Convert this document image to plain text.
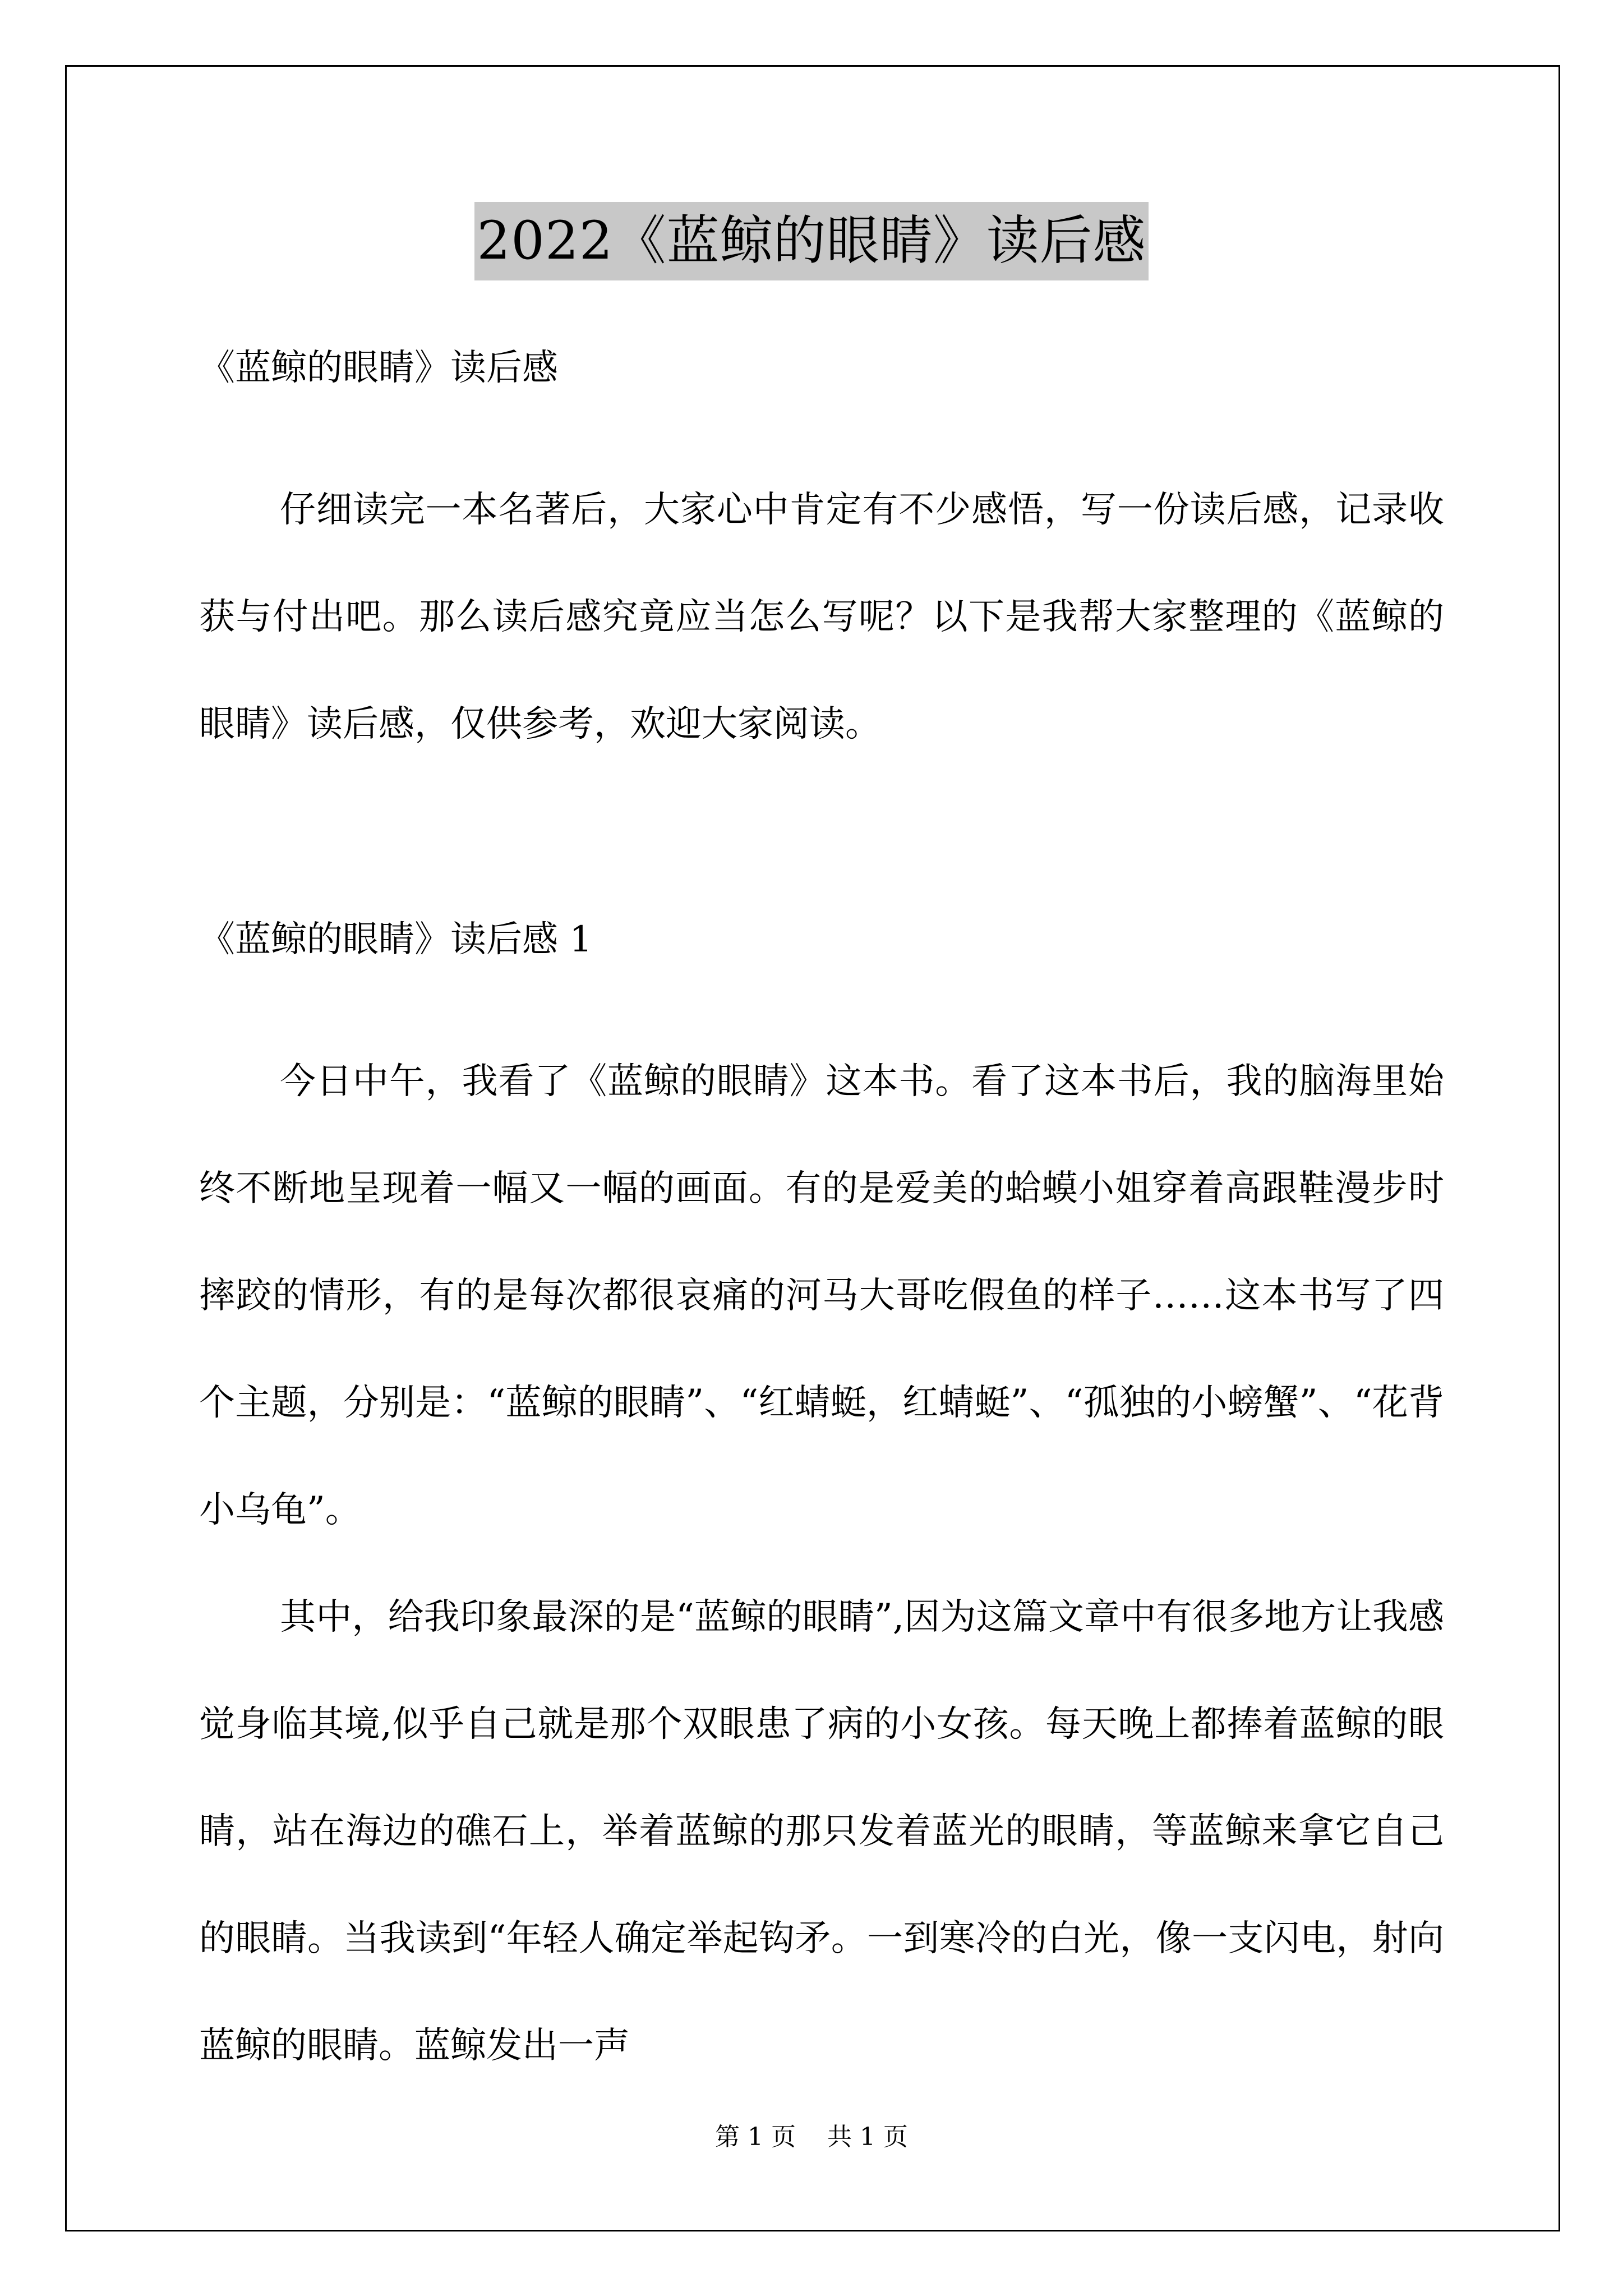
2022《蓝鲸的眼睛》读后感

《蓝鲸的眼睛》读后感

仔细读完一本名著后，大家心中肯定有不少感悟，写一份读后感，记录收获与付出吧。那么读后感究竟应当怎么写呢？以下是我帮大家整理的《蓝鲸的眼睛》读后感，仅供参考，欢迎大家阅读。

《蓝鲸的眼睛》读后感 1

今日中午，我看了《蓝鲸的眼睛》这本书。看了这本书后，我的脑海里始终不断地呈现着一幅又一幅的画面。有的是爱美的蛤蟆小姐穿着高跟鞋漫步时摔跤的情形，有的是每次都很哀痛的河马大哥吃假鱼的样子……这本书写了四个主题，分别是：“蓝鲸的眼睛”、“红蜻蜓，红蜻蜓”、“孤独的小螃蟹”、“花背小乌龟”。

其中，给我印象最深的是“蓝鲸的眼睛”,因为这篇文章中有很多地方让我感觉身临其境,似乎自己就是那个双眼患了病的小女孩。每天晚上都捧着蓝鲸的眼睛，站在海边的礁石上，举着蓝鲸的那只发着蓝光的眼睛，等蓝鲸来拿它自己的眼睛。当我读到“年轻人确定举起钩矛。一到寒冷的白光，像一支闪电，射向蓝鲸的眼睛。蓝鲸发出一声

第 1 页    共 1 页
